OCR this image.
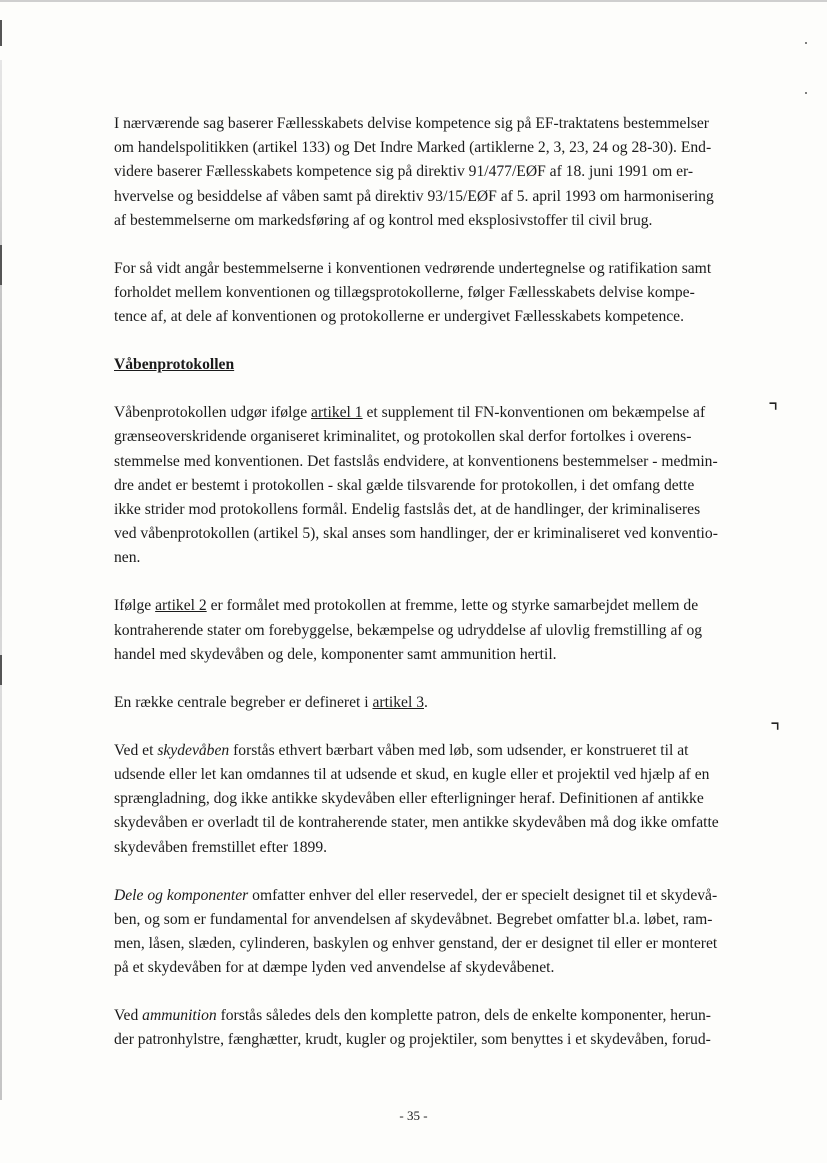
⌝
⌝

I nærværende sag baserer Fællesskabets delvise kompetence sig på EF-traktatens bestemmelser
om handelspolitikken (artikel 133) og Det Indre Marked (artiklerne 2, 3, 23, 24 og 28-30). End-
videre baserer Fællesskabets kompetence sig på direktiv 91/477/EØF af 18. juni 1991 om er-
hvervelse og besiddelse af våben samt på direktiv 93/15/EØF af 5. april 1993 om harmonisering
af bestemmelserne om markedsføring af og kontrol med eksplosivstoffer til civil brug.

For så vidt angår bestemmelserne i konventionen vedrørende undertegnelse og ratifikation samt
forholdet mellem konventionen og tillægsprotokollerne, følger Fællesskabets delvise kompe-
tence af, at dele af konventionen og protokollerne er undergivet Fællesskabets kompetence.

Våbenprotokollen

Våbenprotokollen udgør ifølge artikel 1 et supplement til FN-konventionen om bekæmpelse af
grænseoverskridende organiseret kriminalitet, og protokollen skal derfor fortolkes i overens-
stemmelse med konventionen. Det fastslås endvidere, at konventionens bestemmelser - medmin-
dre andet er bestemt i protokollen - skal gælde tilsvarende for protokollen, i det omfang dette
ikke strider mod protokollens formål. Endelig fastslås det, at de handlinger, der kriminaliseres
ved våbenprotokollen (artikel 5), skal anses som handlinger, der er kriminaliseret ved konventio-
nen.

Ifølge artikel 2 er formålet med protokollen at fremme, lette og styrke samarbejdet mellem de
kontraherende stater om forebyggelse, bekæmpelse og udryddelse af ulovlig fremstilling af og
handel med skydevåben og dele, komponenter samt ammunition hertil.

En række centrale begreber er defineret i artikel 3.

Ved et skydevåben forstås ethvert bærbart våben med løb, som udsender, er konstrueret til at
udsende eller let kan omdannes til at udsende et skud, en kugle eller et projektil ved hjælp af en
sprængladning, dog ikke antikke skydevåben eller efterligninger heraf. Definitionen af antikke
skydevåben er overladt til de kontraherende stater, men antikke skydevåben må dog ikke omfatte
skydevåben fremstillet efter 1899.

Dele og komponenter omfatter enhver del eller reservedel, der er specielt designet til et skydevå-
ben, og som er fundamental for anvendelsen af skydevåbnet. Begrebet omfatter bl.a. løbet, ram-
men, låsen, slæden, cylinderen, baskylen og enhver genstand, der er designet til eller er monteret
på et skydevåben for at dæmpe lyden ved anvendelse af skydevåbenet.

Ved ammunition forstås således dels den komplette patron, dels de enkelte komponenter, herun-
der patronhylstre, fænghætter, krudt, kugler og projektiler, som benyttes i et skydevåben, forud-

- 35 -
